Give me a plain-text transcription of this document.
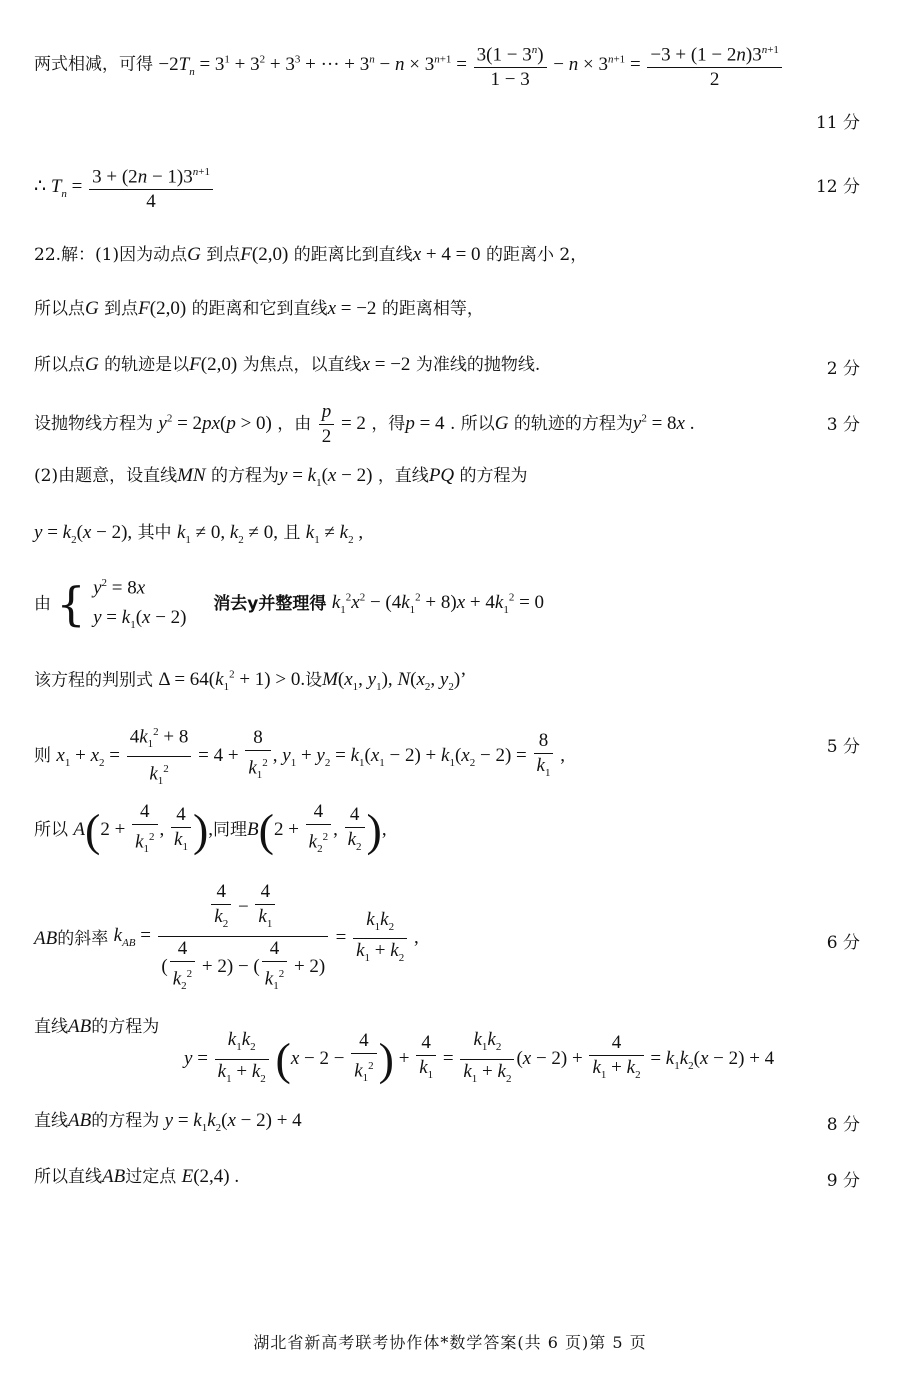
两式相减，可得 $-2T_n = 3^1 + 3^2 + 3^3$ + ··· + $3^n - n \times 3^{n+1} = \frac{3(1 - 3^n)}{1 - 3} - n \times 3^{n+1} = \frac{-3 + (1 - 2n)3^{n+1}}{2}$
11 分
∴ $T_n = \frac{3 + (2n - 1)3^{n+1}}{4}$	12 分
22.解：(1)因为动点G 到点F(2,0) 的距离比到直线x + 4 = 0 的距离小 2，
所以点G 到点F(2,0) 的距离和它到直线x = −2 的距离相等，
所以点G 的轨迹是以F(2,0) 为焦点，以直线x = −2 为准线的抛物线.	2 分
设抛物线方程为 $y^2 = 2px(p > 0)$ ，由 $\frac{p}{2} = 2$ ，得p = 4 . 所以G 的轨迹的方程为$y^2 = 8x$ .	3 分
(2)由题意，设直线MN 的方程为$y = k_1(x - 2)$ ，直线PQ 的方程为
$y = k_2(x - 2)$, 其中 $k_1 \ne 0$, $k_2 \ne 0$, 且 $k_1 \ne k_2$ ,
由 { $y^2 = 8x$
$y = k_1(x - 2)$
消去y并整理得 $k_1^2x^2 - (4k_1^2 + 8)x + 4k_1^2 = 0$
该方程的判别式 $\Delta = 64(k_1^2 + 1) > 0$.设$M(x_1$, $y_1$), $N(x_2$, $y_2$)’
则 $x_1 + x_2 = \frac{4k_1^2 + 8}{k_1^2} = 4 + \frac{8}{k_1^2}$ , $y_1 + y_2 = k_1(x_1 - 2) + k_1(x_2 - 2) = \frac{8}{k_1}$ ,	5 分
所以 $A(2 + \frac{4}{k_1^2}$ , $\frac{4}{k_1}$ ),同理$B(2 + \frac{4}{k_2^2}$ , $\frac{4}{k_2}$ ),
AB的斜率 $k_{AB} = \frac{\frac{4}{k_2} - \frac{4}{k_1}}{( \frac{4}{k_2^2} + 2) - ( \frac{4}{k_1^2} + 2)} = \frac{k_1k_2}{k_1 + k_2}$ ,	6 分
直线AB的方程为
$y = \frac{k_1k_2}{k_1 + k_2} (x - 2 - \frac{4}{k_1^2}$ ) + $\frac{4}{k_1} = \frac{k_1k_2}{k_1 + k_2} (x - 2) + \frac{4}{k_1 + k_2} = k_1k_2(x - 2) + 4$
直线AB的方程为 $y = k_1k_2(x - 2) + 4$	8 分
所以直线AB过定点 E(2,4) .	9 分
湖北省新高考联考协作体*数学答案(共 6 页)第 5 页
